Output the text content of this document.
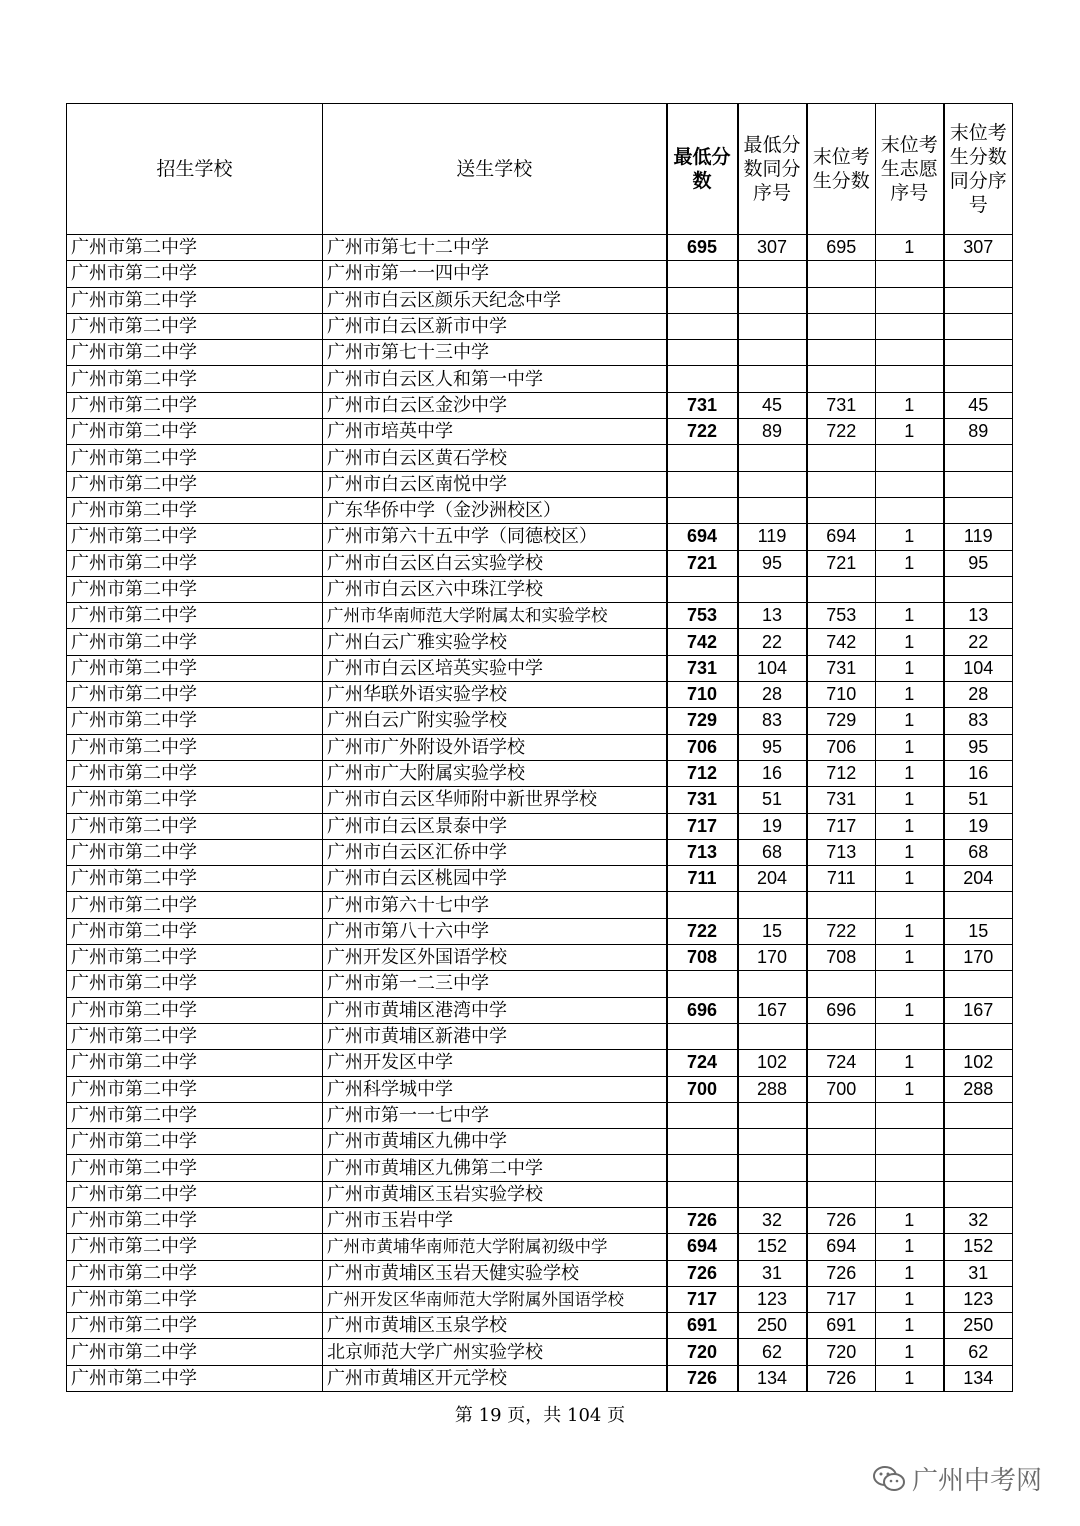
招生学校	送生学校	最低分数	最低分数同分序号	末位考生分数	末位考生志愿序号	末位考生分数同分序号
广州市第二中学	广州市第七十二中学	695	307	695	1	307
广州市第二中学	广州市第一一四中学					
广州市第二中学	广州市白云区颜乐天纪念中学					
广州市第二中学	广州市白云区新市中学					
广州市第二中学	广州市第七十三中学					
广州市第二中学	广州市白云区人和第一中学					
广州市第二中学	广州市白云区金沙中学	731	45	731	1	45
广州市第二中学	广州市培英中学	722	89	722	1	89
广州市第二中学	广州市白云区黄石学校					
广州市第二中学	广州市白云区南悦中学					
广州市第二中学	广东华侨中学（金沙洲校区）					
广州市第二中学	广州市第六十五中学（同德校区）	694	119	694	1	119
广州市第二中学	广州市白云区白云实验学校	721	95	721	1	95
广州市第二中学	广州市白云区六中珠江学校					
广州市第二中学	广州市华南师范大学附属太和实验学校	753	13	753	1	13
广州市第二中学	广州白云广雅实验学校	742	22	742	1	22
广州市第二中学	广州市白云区培英实验中学	731	104	731	1	104
广州市第二中学	广州华联外语实验学校	710	28	710	1	28
广州市第二中学	广州白云广附实验学校	729	83	729	1	83
广州市第二中学	广州市广外附设外语学校	706	95	706	1	95
广州市第二中学	广州市广大附属实验学校	712	16	712	1	16
广州市第二中学	广州市白云区华师附中新世界学校	731	51	731	1	51
广州市第二中学	广州市白云区景泰中学	717	19	717	1	19
广州市第二中学	广州市白云区汇侨中学	713	68	713	1	68
广州市第二中学	广州市白云区桃园中学	711	204	711	1	204
广州市第二中学	广州市第六十七中学					
广州市第二中学	广州市第八十六中学	722	15	722	1	15
广州市第二中学	广州开发区外国语学校	708	170	708	1	170
广州市第二中学	广州市第一二三中学					
广州市第二中学	广州市黄埔区港湾中学	696	167	696	1	167
广州市第二中学	广州市黄埔区新港中学					
广州市第二中学	广州开发区中学	724	102	724	1	102
广州市第二中学	广州科学城中学	700	288	700	1	288
广州市第二中学	广州市第一一七中学					
广州市第二中学	广州市黄埔区九佛中学					
广州市第二中学	广州市黄埔区九佛第二中学					
广州市第二中学	广州市黄埔区玉岩实验学校					
广州市第二中学	广州市玉岩中学	726	32	726	1	32
广州市第二中学	广州市黄埔华南师范大学附属初级中学	694	152	694	1	152
广州市第二中学	广州市黄埔区玉岩天健实验学校	726	31	726	1	31
广州市第二中学	广州开发区华南师范大学附属外国语学校	717	123	717	1	123
广州市第二中学	广州市黄埔区玉泉学校	691	250	691	1	250
广州市第二中学	北京师范大学广州实验学校	720	62	720	1	62
广州市第二中学	广州市黄埔区开元学校	726	134	726	1	134
第 19 页，共 104 页
广州中考网
